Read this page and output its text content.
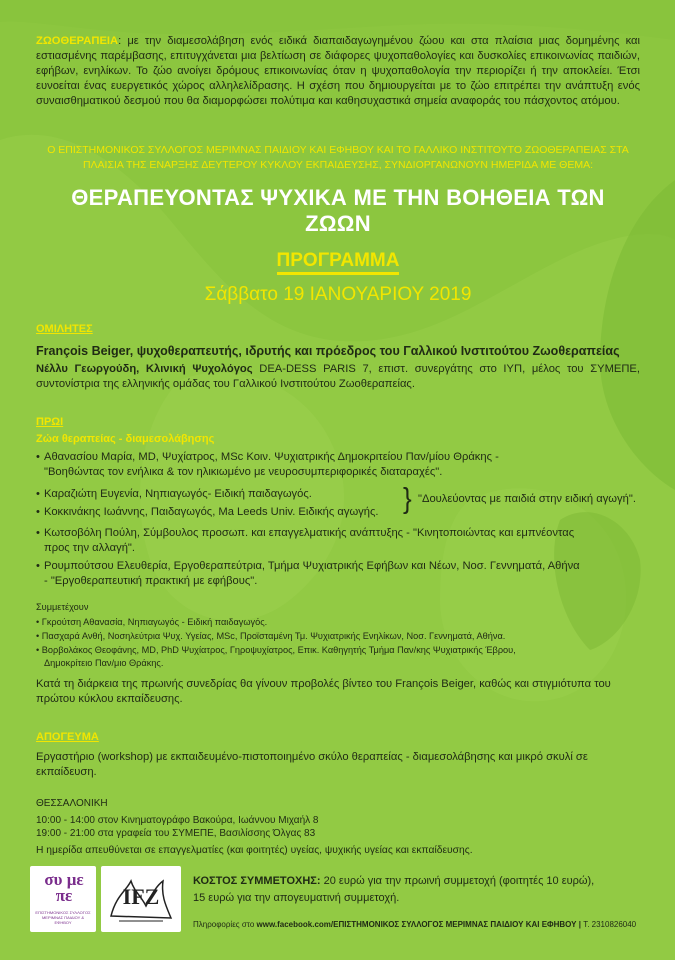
ΖΩΟΘΕΡΑΠΕΙΑ: με την διαμεσολάβηση ενός ειδικά διαπαιδαγωγημένου ζώου και στα πλαίσια μιας δομημένης και εστιασμένης παρέμβασης, επιτυγχάνεται μια βελτίωση σε διάφορες ψυχοπαθολογίες και δυσκολίες επικοινωνίας παιδιών, εφήβων, ενηλίκων. Το ζώο ανοίγει δρόμους επικοινωνίας όταν η ψυχοπαθολογία την περιορίζει ή την αποκλείει. Έτσι ευνοείται ένας ευεργετικός χώρος αλληλελίδρασης. Η σχέση που δημιουργείται με το ζώο επιτρέπει την ανάπτυξη ενός συναισθηματικού δεσμού που θα διαμορφώσει πολύτιμα και καθησυχαστικά σημεία αναφοράς του πάσχοντος ατόμου.
Ο ΕΠΙΣΤΗΜΟΝΙΚΟΣ ΣΥΛΛΟΓΟΣ ΜΕΡΙΜΝΑΣ ΠΑΙΔΙΟΥ ΚΑΙ ΕΦΗΒΟΥ ΚΑΙ ΤΟ ΓΑΛΛΙΚΟ ΙΝΣΤΙΤΟΥΤΟ ΖΩΟΘΕΡΑΠΕΙΑΣ ΣΤΑ ΠΛΑΙΣΙΑ ΤΗΣ ΕΝΑΡΞΗΣ ΔΕΥΤΕΡΟΥ ΚΥΚΛΟΥ ΕΚΠΑΙΔΕΥΣΗΣ, ΣΥΝΔΙΟΡΓΑΝΩΝΟΥΝ ΗΜΕΡΙΔΑ ΜΕ ΘΕΜΑ:
ΘΕΡΑΠΕΥΟΝΤΑΣ ΨΥΧΙΚΑ ΜΕ ΤΗΝ ΒΟΗΘΕΙΑ ΤΩΝ ΖΩΩΝ
ΠΡΟΓΡΑΜΜΑ
Σάββατο 19 ΙΑΝΟΥΑΡΙΟΥ 2019
ΟΜΙΛΗΤΕΣ
François Beiger, ψυχοθεραπευτής, ιδρυτής και πρόεδρος του Γαλλικού Ινστιτούτου Ζωοθεραπείας
Νέλλυ Γεωργούδη, Κλινική Ψυχολόγος DEA-DESS PARIS 7, επιστ. συνεργάτης στο ΙΥΠ, μέλος του ΣΥΜΕΠΕ, συντονίστρια της ελληνικής ομάδας του Γαλλικού Ινστιτούτου Ζωοθεραπείας.
ΠΡΩΙ
Ζώα θεραπείας - διαμεσολάβησης
• Αθανασίου Μαρία, MD, Ψυχίατρος, MSc Κοιν. Ψυχιατρικής Δημοκριτείου Παν/μίου Θράκης -
"Βοηθώντας τον ενήλικα & τον ηλικιωμένο με νευροσυμπεριφορικές διαταραχές".
• Καραζιώτη Ευγενία, Νηπιαγωγός- Ειδική παιδαγωγός.
• Κοκκινάκης Ιωάννης, Παιδαγωγός, Ma Leeds Univ. Ειδικής αγωγής. } "Δουλεύοντας με παιδιά στην ειδική αγωγή".
• Κωτσοβόλη Πούλη, Σύμβουλος προσωπ. και επαγγελματικής ανάπτυξης - "Κινητοποιώντας και εμπνέοντας
προς την αλλαγή".
• Ρουμπούτσου Ελευθερία, Εργοθεραπεύτρια, Τμήμα Ψυχιατρικής Εφήβων και Νέων, Νοσ. Γεννηματά, Αθήνα
- "Εργοθεραπευτική πρακτική με εφήβους".
Συμμετέχουν
• Γκρούτση Αθανασία, Νηπιαγωγός - Ειδική παιδαγωγός.
• Πασχαρά Ανθή, Νοσηλεύτρια Ψυχ. Υγείας, MSc, Προϊσταμένη Τμ. Ψυχιατρικής Ενηλίκων, Νοσ. Γεννηματά, Αθήνα.
• Βορβολάκος Θεοφάνης, MD, PhD Ψυχίατρος, Γηροψυχίατρος, Επικ. Καθηγητής Τμήμα Παν/κης Ψυχιατρικής Έβρου,
Δημοκρίτειο Παν/μιο Θράκης.
Κατά τη διάρκεια της πρωινής συνεδρίας θα γίνουν προβολές βίντεο του François Beiger, καθώς και στιγμιότυπα του πρώτου κύκλου εκπαίδευσης.
ΑΠΟΓΕΥΜΑ
Εργαστήριο (workshop) με εκπαιδευμένο-πιστοποιημένο σκύλο θεραπείας - διαμεσολάβησης και μικρό σκυλί σε εκπαίδευση.
ΘΕΣΣΑΛΟΝΙΚΗ
10:00 - 14:00 στον Κινηματογράφο Βακούρα, Ιωάννου Μιχαήλ 8
19:00 - 21:00 στα γραφεία του ΣΥΜΕΠΕ, Βασιλίσσης Όλγας 83
Η ημερίδα απευθύνεται σε επαγγελματίες (και φοιτητές) υγείας, ψυχικής υγείας και εκπαίδευσης.
συ με πε
ΕΠΙΣΤΗΜΟΝΙΚΟΣ ΣΥΛΛΟΓΟΣ ΜΕΡΙΜΝΑΣ ΠΑΙΔΙΟΥ & ΕΦΗΒΟΥ
IFZ
ΚΟΣΤΟΣ ΣΥΜΜΕΤΟΧΗΣ: 20 ευρώ για την πρωινή συμμετοχή (φοιτητές 10 ευρώ),
15 ευρώ για την απογευματινή συμμετοχή.
Πληροφορίες στο www.facebook.com/ΕΠΙΣΤΗΜΟΝΙΚΟΣ ΣΥΛΛΟΓΟΣ ΜΕΡΙΜΝΑΣ ΠΑΙΔΙΟΥ ΚΑΙ ΕΦΗΒΟΥ | Τ. 2310826040
